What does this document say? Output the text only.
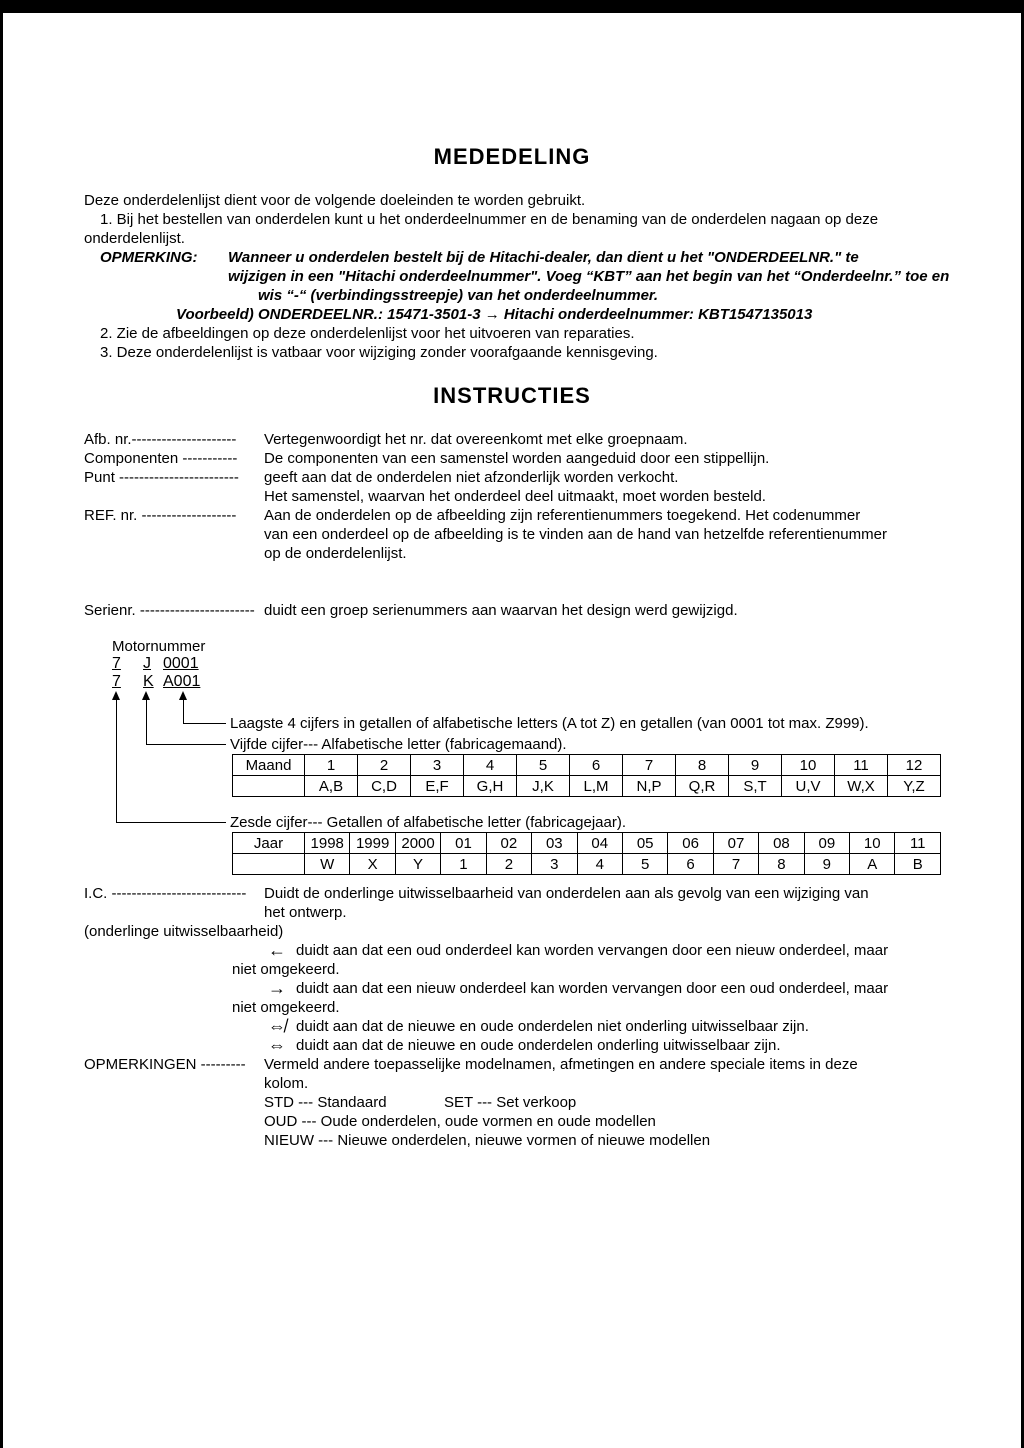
MEDEDELING
Deze onderdelenlijst dient voor de volgende doeleinden te worden gebruikt.
1. Bij het bestellen van onderdelen kunt u het onderdeelnummer en de benaming van de onderdelen nagaan op deze
onderdelenlijst.
OPMERKING: Wanneer u onderdelen bestelt bij de Hitachi-dealer, dan dient u het "ONDERDEELNR." te
wijzigen in een "Hitachi onderdeelnummer". Voeg “KBT” aan het begin van het “Onderdeelnr.” toe en
wis “-“ (verbindingsstreepje) van het onderdeelnummer.
Voorbeeld) ONDERDEELNR.: 15471-3501-3 → Hitachi onderdeelnummer: KBT1547135013
2. Zie de afbeeldingen op deze onderdelenlijst voor het uitvoeren van reparaties.
3. Deze onderdelenlijst is vatbaar voor wijziging zonder voorafgaande kennisgeving.
INSTRUCTIES
Afb. nr.--------------------- Vertegenwoordigt het nr. dat overeenkomt met elke groepnaam.
Componenten ----------- De componenten van een samenstel worden aangeduid door een stippellijn.
Punt ------------------------ geeft aan dat de onderdelen niet afzonderlijk worden verkocht.
Het samenstel, waarvan het onderdeel deel uitmaakt, moet worden besteld.
REF. nr. ------------------- Aan de onderdelen op de afbeelding zijn referentienummers toegekend. Het codenummer
van een onderdeel op de afbeelding is te vinden aan de hand van hetzelfde referentienummer
op de onderdelenlijst.
Serienr. ----------------------- duidt een groep serienummers aan waarvan het design werd gewijzigd.
Motornummer
7 J 0001
7 K A001
Laagste 4 cijfers in getallen of alfabetische letters (A tot Z) en getallen (van 0001 tot max. Z999).
Vijfde cijfer--- Alfabetische letter (fabricagemaand).
Maand	1	2	3	4	5	6	7	8	9	10	11	12
	A,B	C,D	E,F	G,H	J,K	L,M	N,P	Q,R	S,T	U,V	W,X	Y,Z
Zesde cijfer--- Getallen of alfabetische letter (fabricagejaar).
Jaar	1998	1999	2000	01	02	03	04	05	06	07	08	09	10	11
	W	X	Y	1	2	3	4	5	6	7	8	9	A	B
I.C. --------------------------- Duidt de onderlinge uitwisselbaarheid van onderdelen aan als gevolg van een wijziging van
het ontwerp.
(onderlinge uitwisselbaarheid)
← duidt aan dat een oud onderdeel kan worden vervangen door een nieuw onderdeel, maar
niet omgekeerd.
→ duidt aan dat een nieuw onderdeel kan worden vervangen door een oud onderdeel, maar
niet omgekeerd.
⇎ duidt aan dat de nieuwe en oude onderdelen niet onderling uitwisselbaar zijn.
⇔ duidt aan dat de nieuwe en oude onderdelen onderling uitwisselbaar zijn.
OPMERKINGEN --------- Vermeld andere toepasselijke modelnamen, afmetingen en andere speciale items in deze
kolom.
STD --- Standaard	SET --- Set verkoop
OUD --- Oude onderdelen, oude vormen en oude modellen
NIEUW --- Nieuwe onderdelen, nieuwe vormen of nieuwe modellen
